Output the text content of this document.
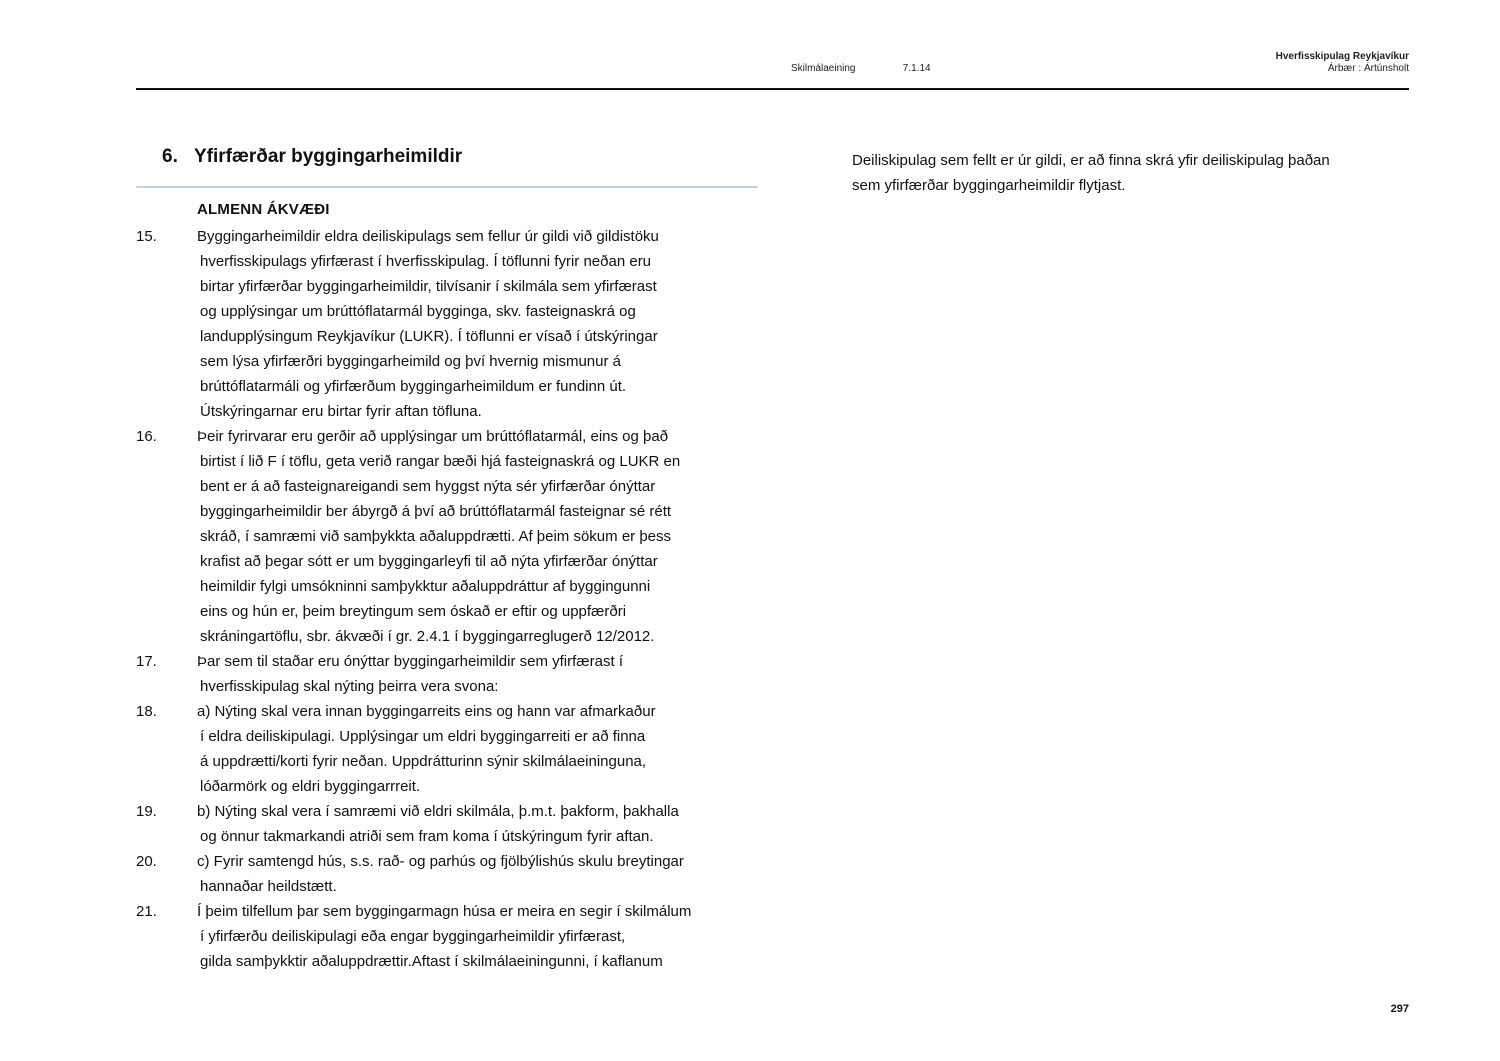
Skilmálaeining	7.1.14
Hverfisskipulag Reykjavíkur
Árbær : Ártúnsholt
6. Yfirfærðar byggingarheimildir
ALMENN ÁKVÆÐI
15.	Byggingarheimildir eldra deiliskipulags sem fellur úr gildi við gildistöku
hverfisskipulags yfirfærast í hverfisskipulag. Í töflunni fyrir neðan eru
birtar yfirfærðar byggingarheimildir, tilvísanir í skilmála sem yfirfærast
og upplýsingar um brúttóflatarmál bygginga, skv. fasteignaskrá og
landupplýsingum Reykjavíkur (LUKR). Í töflunni er vísað í útskýringar
sem lýsa yfirfærðri byggingarheimild og því hvernig mismunur á
brúttóflatarmáli og yfirfærðum byggingarheimildum er fundinn út.
Útskýringarnar eru birtar fyrir aftan töfluna.
16.	Þeir fyrirvarar eru gerðir að upplýsingar um brúttóflatarmál, eins og það
birtist í lið F í töflu, geta verið rangar bæði hjá fasteignaskrá og LUKR en
bent er á að fasteignareigandi sem hyggst nýta sér yfirfærðar ónýttar
byggingarheimildir ber ábyrgð á því að brúttóflatarmál fasteignar sé rétt
skráð, í samræmi við samþykkta aðaluppdrætti. Af þeim sökum er þess
krafist að þegar sótt er um byggingarleyfi til að nýta yfirfærðar ónýttar
heimildir fylgi umsókninni samþykktur aðaluppdráttur af byggingunni
eins og hún er, þeim breytingum sem óskað er eftir og uppfærðri
skráningartöflu, sbr. ákvæði í gr. 2.4.1 í byggingarreglugerð 12/2012.
17.	Þar sem til staðar eru ónýttar byggingarheimildir sem yfirfærast í
hverfisskipulag skal nýting þeirra vera svona:
18.	a) Nýting skal vera innan byggingarreits eins og hann var afmarkaður
í eldra deiliskipulagi. Upplýsingar um eldri byggingarreiti er að finna
á uppdrætti/korti fyrir neðan. Uppdrátturinn sýnir skilmálaeininguna,
lóðarmörk og eldri byggingarrreit.
19.	b) Nýting skal vera í samræmi við eldri skilmála, þ.m.t. þakform, þakhalla
og önnur takmarkandi atriði sem fram koma í útskýringum fyrir aftan.
20.	c) Fyrir samtengd hús, s.s. rað- og parhús og fjölbýlishús skulu breytingar
hannaðar heildstætt.
21.	Í þeim tilfellum þar sem byggingarmagn húsa er meira en segir í skilmálum
í yfirfærðu deiliskipulagi eða engar byggingarheimildir yfirfærast,
gilda samþykktir aðaluppdrættir.Aftast í skilmálaeiningunni, í kaflanum
Deiliskipulag sem fellt er úr gildi, er að finna skrá yfir deiliskipulag þaðan
sem yfirfærðar byggingarheimildir flytjast.
297
